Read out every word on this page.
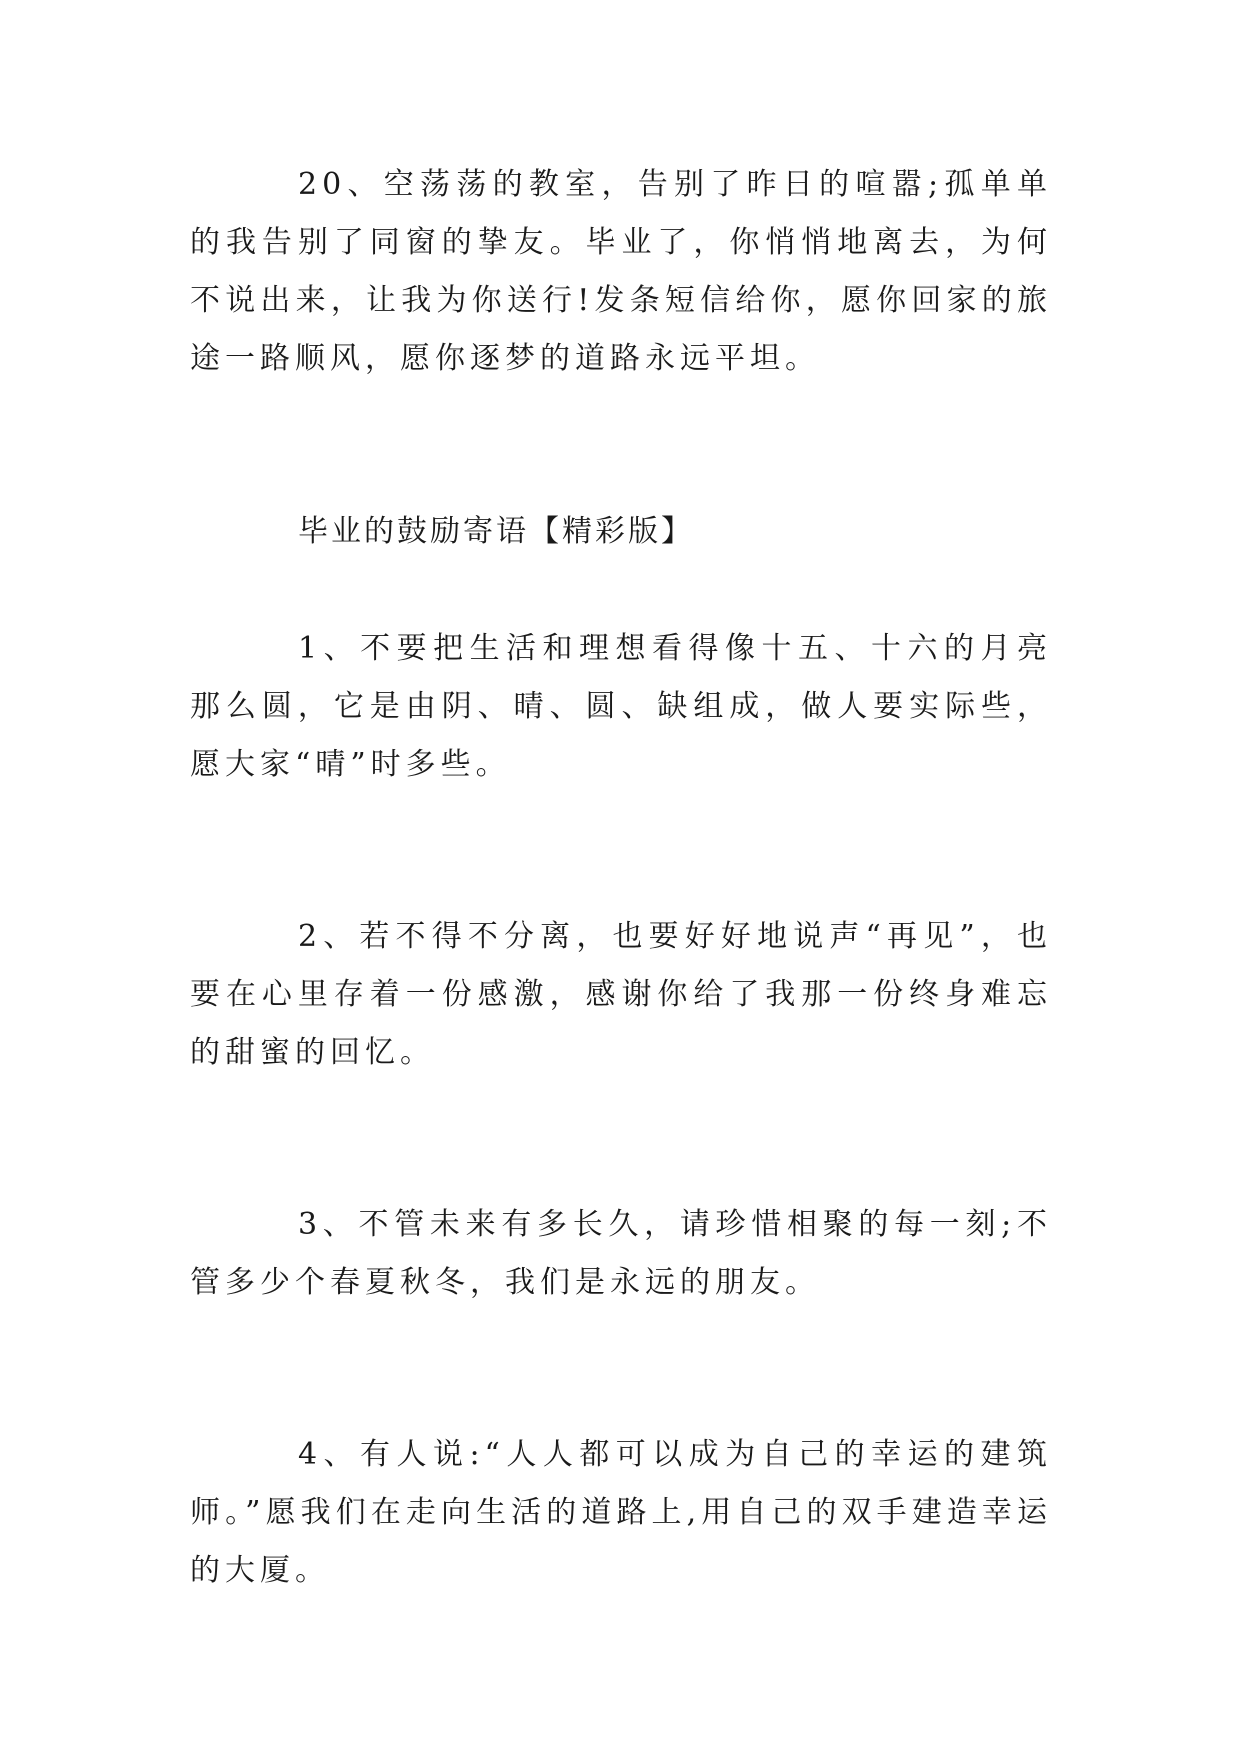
20、空荡荡的教室，告别了昨日的喧嚣;孤单单的我告别了同窗的挚友。毕业了，你悄悄地离去，为何不说出来，让我为你送行!发条短信给你，愿你回家的旅途一路顺风，愿你逐梦的道路永远平坦。

毕业的鼓励寄语【精彩版】

1、不要把生活和理想看得像十五、十六的月亮那么圆，它是由阴、晴、圆、缺组成，做人要实际些，愿大家“晴”时多些。

2、若不得不分离，也要好好地说声“再见”，也要在心里存着一份感激，感谢你给了我那一份终身难忘的甜蜜的回忆。

3、不管未来有多长久，请珍惜相聚的每一刻;不管多少个春夏秋冬，我们是永远的朋友。

4、有人说:“人人都可以成为自己的幸运的建筑师。”愿我们在走向生活的道路上,用自己的双手建造幸运的大厦。
